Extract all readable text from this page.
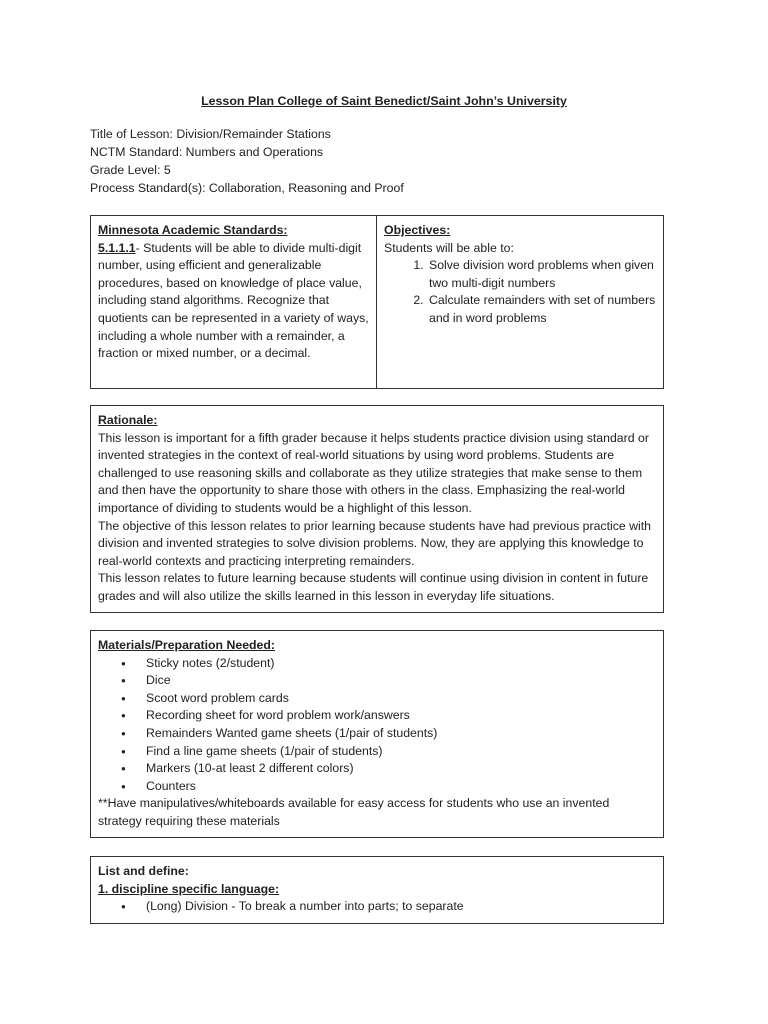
Lesson Plan College of Saint Benedict/Saint John’s University
Title of Lesson: Division/Remainder Stations
NCTM Standard: Numbers and Operations
Grade Level: 5
Process Standard(s): Collaboration, Reasoning and Proof
Minnesota Academic Standards:
5.1.1.1- Students will be able to divide multi-digit number, using efficient and generalizable procedures, based on knowledge of place value, including stand algorithms. Recognize that quotients can be represented in a variety of ways, including a whole number with a remainder, a fraction or mixed number, or a decimal.
Objectives:
Students will be able to:
1. Solve division word problems when given two multi-digit numbers
2. Calculate remainders with set of numbers and in word problems
Rationale:
This lesson is important for a fifth grader because it helps students practice division using standard or invented strategies in the context of real-world situations by using word problems. Students are challenged to use reasoning skills and collaborate as they utilize strategies that make sense to them and then have the opportunity to share those with others in the class. Emphasizing the real-world importance of dividing to students would be a highlight of this lesson.
The objective of this lesson relates to prior learning because students have had previous practice with division and invented strategies to solve division problems. Now, they are applying this knowledge to real-world contexts and practicing interpreting remainders.
This lesson relates to future learning because students will continue using division in content in future grades and will also utilize the skills learned in this lesson in everyday life situations.
Materials/Preparation Needed:
● Sticky notes (2/student)
● Dice
● Scoot word problem cards
● Recording sheet for word problem work/answers
● Remainders Wanted game sheets (1/pair of students)
● Find a line game sheets (1/pair of students)
● Markers (10-at least 2 different colors)
● Counters
**Have manipulatives/whiteboards available for easy access for students who use an invented strategy requiring these materials
List and define:
1. discipline specific language:
● (Long) Division - To break a number into parts; to separate
